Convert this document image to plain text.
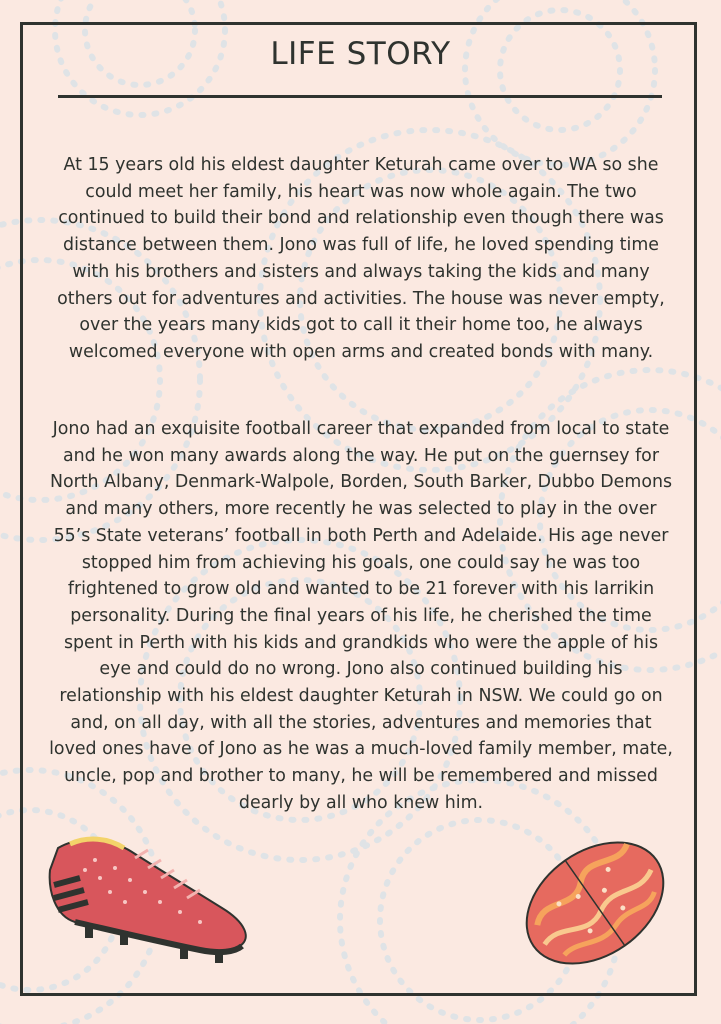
LIFE STORY

At 15 years old his eldest daughter Keturah came over to WA so she could meet her family, his heart was now whole again. The two continued to build their bond and relationship even though there was distance between them. Jono was full of life, he loved spending time with his brothers and sisters and always taking the kids and many others out for adventures and activities. The house was never empty, over the years many kids got to call it their home too, he always welcomed everyone with open arms and created bonds with many.

Jono had an exquisite football career that expanded from local to state and he won many awards along the way. He put on the guernsey for North Albany, Denmark-Walpole, Borden, South Barker, Dubbo Demons and many others, more recently he was selected to play in the over 55’s State veterans’ football in both Perth and Adelaide. His age never stopped him from achieving his goals, one could say he was too frightened to grow old and wanted to be 21 forever with his larrikin personality. During the final years of his life, he cherished the time spent in Perth with his kids and grandkids who were the apple of his eye and could do no wrong. Jono also continued building his relationship with his eldest daughter Keturah in NSW. We could go on and, on all day, with all the stories, adventures and memories that loved ones have of Jono as he was a much-loved family member, mate, uncle, pop and brother to many, he will be remembered and missed dearly by all who knew him.
